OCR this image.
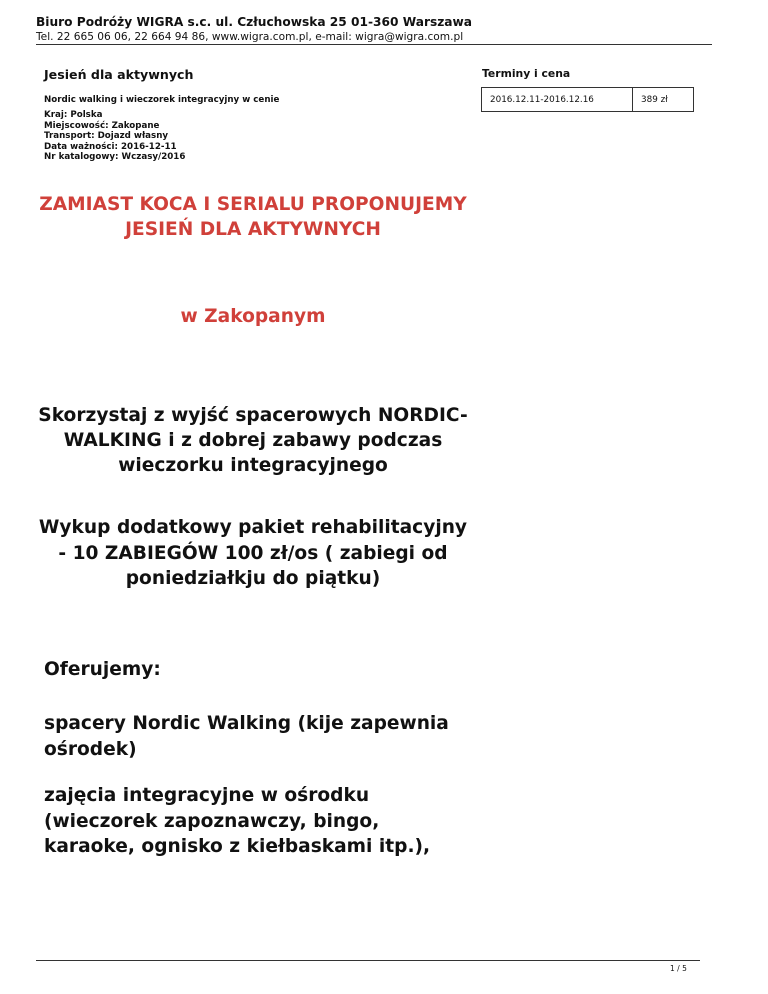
Biuro Podróży WIGRA s.c. ul. Człuchowska 25 01-360 Warszawa
Tel. 22 665 06 06, 22 664 94 86, www.wigra.com.pl, e-mail: wigra@wigra.com.pl
Jesień dla aktywnych
Nordic walking i wieczorek integracyjny w cenie
Kraj: Polska
Miejscowość: Zakopane
Transport: Dojazd własny
Data ważności: 2016-12-11
Nr katalogowy: Wczasy/2016
Terminy i cena
2016.12.11-2016.12.16	389 zł
ZAMIAST KOCA I SERIALU PROPONUJEMY JESIEŃ DLA AKTYWNYCH
w Zakopanym
Skorzystaj z wyjść spacerowych NORDIC-WALKING i z dobrej zabawy podczas wieczorku integracyjnego
Wykup dodatkowy pakiet rehabilitacyjny - 10 ZABIEGÓW 100 zł/os ( zabiegi od poniedziałkju do piątku)
Oferujemy:
spacery Nordic Walking (kije zapewnia ośrodek)
zajęcia integracyjne w ośrodku (wieczorek zapoznawczy, bingo, karaoke, ognisko z kiełbaskami itp.),
1 / 5
